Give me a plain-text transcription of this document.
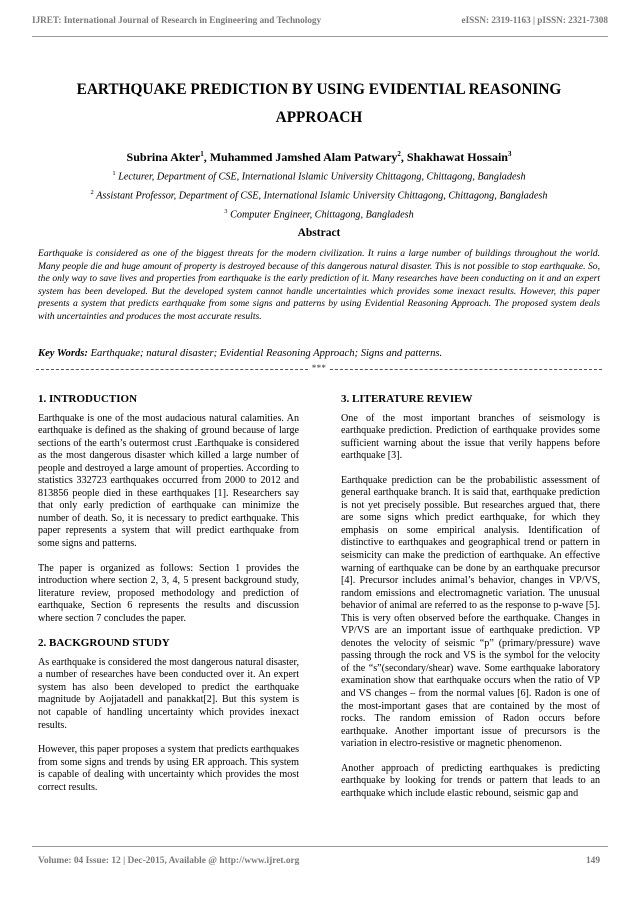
IJRET: International Journal of Research in Engineering and Technology	eISSN: 2319-1163 | pISSN: 2321-7308
EARTHQUAKE PREDICTION BY USING EVIDENTIAL REASONING
APPROACH
Subrina Akter$^1$, Muhammed Jamshed Alam Patwary$^2$, Shakhawat Hossain$^3$
$^1$ Lecturer, Department of CSE, International Islamic University Chittagong, Chittagong, Bangladesh
$^2$ Assistant Professor, Department of CSE, International Islamic University Chittagong, Chittagong, Bangladesh
$^3$ Computer Engineer, Chittagong, Bangladesh
Abstract
Earthquake is considered as one of the biggest threats for the modern civilization. It ruins a large number of buildings throughout the world. Many people die and huge amount of property is destroyed because of this dangerous natural disaster. This is not possible to stop earthquake. So, the only way to save lives and properties from earthquake is the early prediction of it. Many researches have been conducting on it and an expert system has been developed. But the developed system cannot handle uncertainties which provides some inexact results. However, this paper presents a system that predicts earthquake from some signs and patterns by using Evidential Reasoning Approach. The proposed system deals with uncertainties and produces the most accurate results.
Key Words: Earthquake; natural disaster; Evidential Reasoning Approach; Signs and patterns.
***
1. INTRODUCTION

Earthquake is one of the most audacious natural calamities. An earthquake is defined as the shaking of ground because of large sections of the earth’s outermost crust .Earthquake is considered as the most dangerous disaster which killed a large number of people and destroyed a large amount of properties. According to statistics 332723 earthquakes occurred from 2000 to 2012 and 813856 people died in these earthquakes [1]. Researchers say that only early prediction of earthquake can minimize the number of death. So, it is necessary to predict earthquake. This paper represents a system that will predict earthquake from some signs and patterns.

The paper is organized as follows: Section 1 provides the introduction where section 2, 3, 4, 5 present background study, literature review, proposed methodology and prediction of earthquake, Section 6 represents the results and discussion where section 7 concludes the paper.

2. BACKGROUND STUDY

As earthquake is considered the most dangerous natural disaster, a number of researches have been conducted over it. An expert system has also been developed to predict the earthquake magnitude by Aojjatadell and panakkat[2]. But this system is not capable of handling uncertainty which provides inexact results.

However, this paper proposes a system that predicts earthquakes from some signs and trends by using ER approach. This system is capable of dealing with uncertainty which provides the most correct results.

3. LITERATURE REVIEW

One of the most important branches of seismology is earthquake prediction. Prediction of earthquake provides some sufficient warning about the issue that verily happens before earthquake [3].

Earthquake prediction can be the probabilistic assessment of general earthquake branch. It is said that, earthquake prediction is not yet precisely possible. But researches argued that, there are some signs which predict earthquake, for which they emphasis on some empirical analysis. Identification of distinctive to earthquakes and geographical trend or pattern in seismicity can make the prediction of earthquake. An effective warning of earthquake can be done by an earthquake precursor [4]. Precursor includes animal’s behavior, changes in VP/VS, random emissions and electromagnetic variation. The unusual behavior of animal are referred to as the response to p-wave [5]. This is very often observed before the earthquake. Changes in VP/VS are an important issue of earthquake prediction. VP denotes the velocity of seismic “p” (primary/pressure) wave passing through the rock and VS is the symbol for the velocity of the “s”(secondary/shear) wave. Some earthquake laboratory examination show that earthquake occurs when the ratio of VP and VS changes – from the normal values [6]. Radon is one of the most-important gases that are contained by the most of rocks. The random emission of Radon occurs before earthquake. Another important issue of precursors is the variation in electro-resistive or magnetic phenomenon.

Another approach of predicting earthquakes is predicting earthquake by looking for trends or pattern that leads to an earthquake which include elastic rebound, seismic gap and

Volume: 04 Issue: 12 | Dec-2015, Available @ http://www.ijret.org	149
